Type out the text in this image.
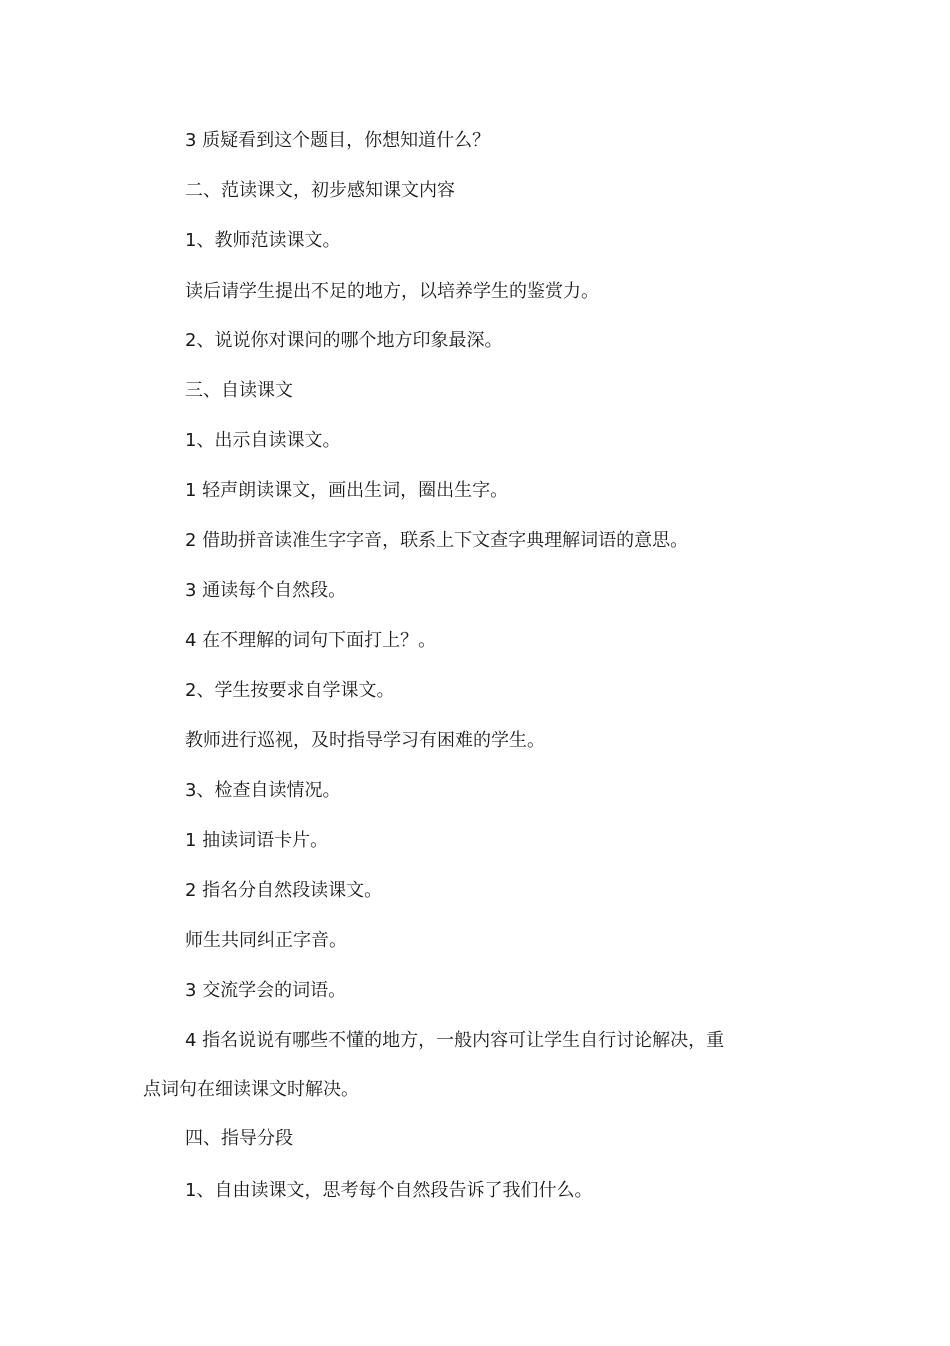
3 质疑看到这个题目，你想知道什么？
二、范读课文，初步感知课文内容
1、教师范读课文。
读后请学生提出不足的地方，以培养学生的鉴赏力。
2、说说你对课问的哪个地方印象最深。
三、自读课文
1、出示自读课文。
1 轻声朗读课文，画出生词，圈出生字。
2 借助拼音读准生字字音，联系上下文查字典理解词语的意思。
3 通读每个自然段。
4 在不理解的词句下面打上？。
2、学生按要求自学课文。
教师进行巡视，及时指导学习有困难的学生。
3、检查自读情况。
1 抽读词语卡片。
2 指名分自然段读课文。
师生共同纠正字音。
3 交流学会的词语。
4 指名说说有哪些不懂的地方，一般内容可让学生自行讨论解决，重
点词句在细读课文时解决。
四、指导分段
1、自由读课文，思考每个自然段告诉了我们什么。
